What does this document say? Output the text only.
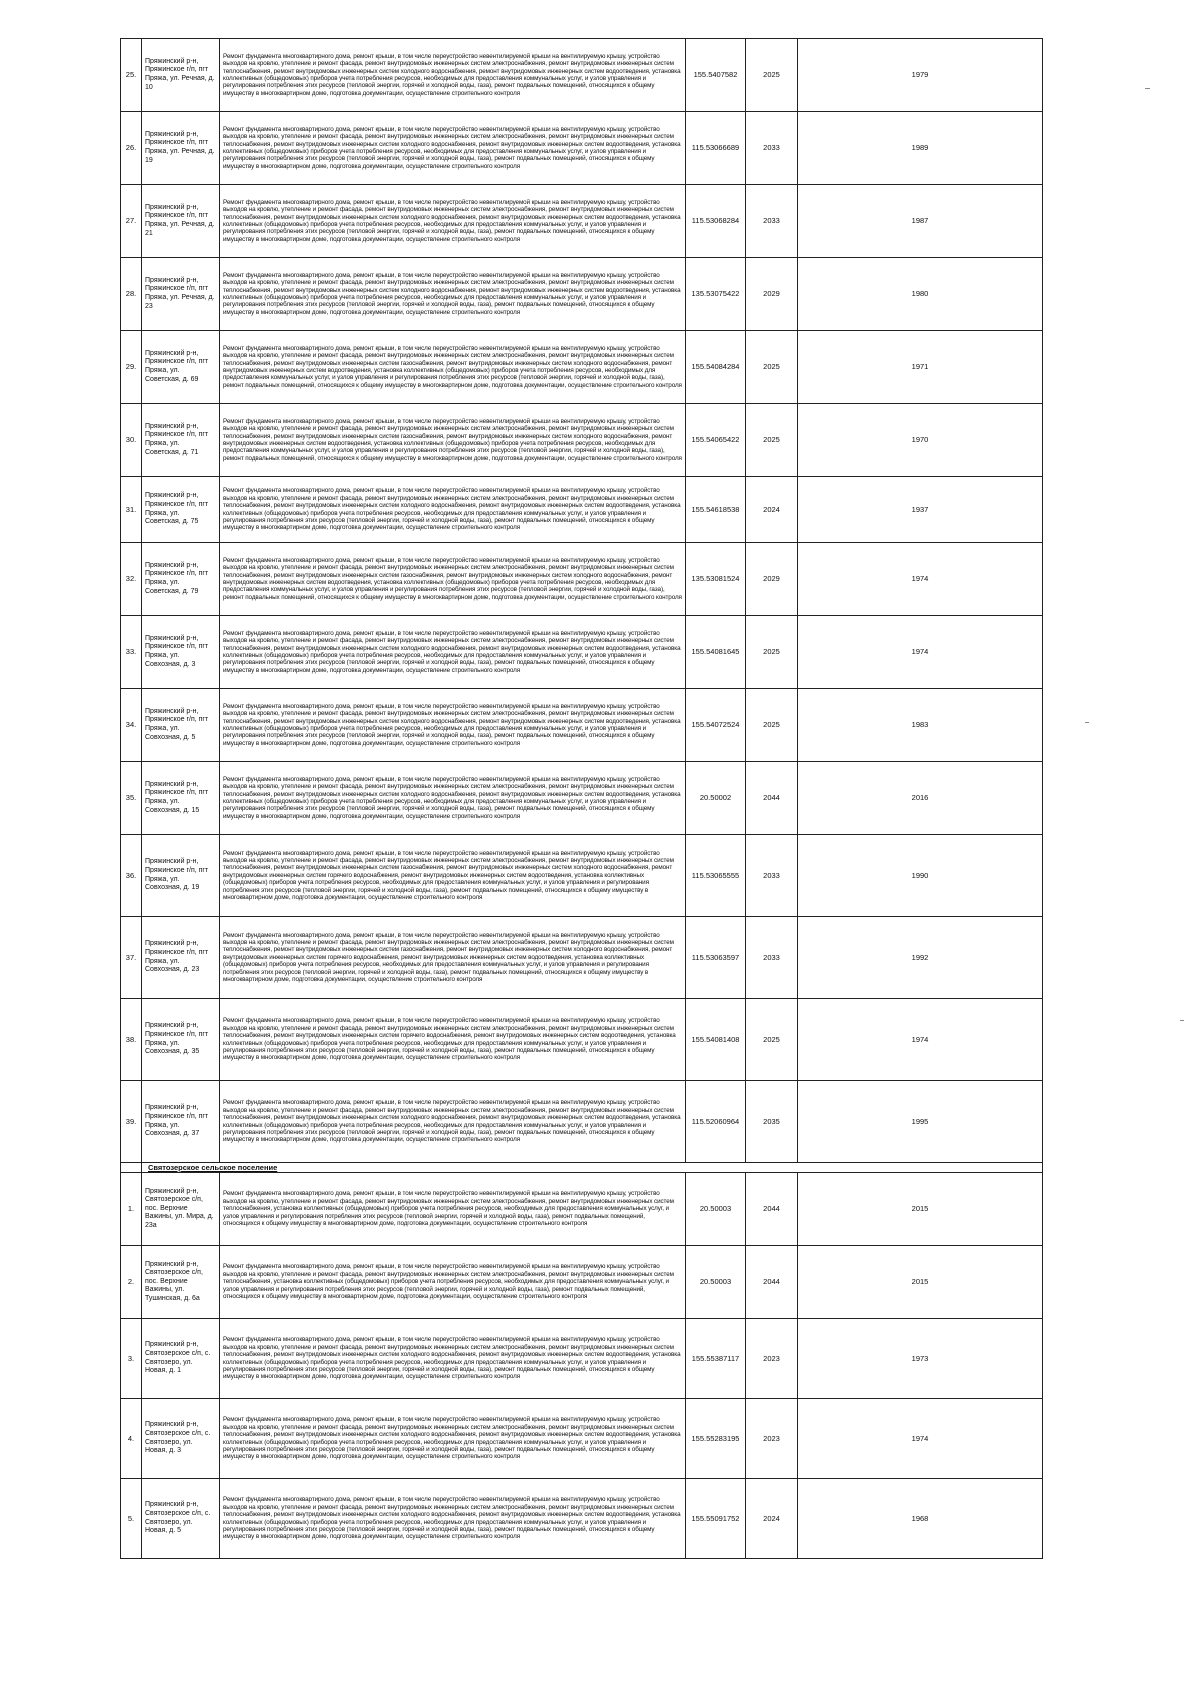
25.	Пряжинский р-н, Пряжинское г/п, пгт Пряжа, ул. Речная, д. 10	Ремонт фундамента многоквартирного дома, ремонт крыши, в том числе переустройство невентилируемой крыши на вентилируемую крышу, устройство выходов на кровлю, утепление и ремонт фасада, ремонт внутридомовых инженерных систем электроснабжения, ремонт внутридомовых инженерных систем теплоснабжения, ремонт внутридомовых инженерных систем холодного водоснабжения, ремонт внутридомовых инженерных систем водоотведения, установка коллективных (общедомовых) приборов учета потребления ресурсов, необходимых для предоставления коммунальных услуг, и узлов управления и регулирования потребления этих ресурсов (тепловой энергии, горячей и холодной воды, газа), ремонт подвальных помещений, относящихся к общему имуществу в многоквартирном доме, подготовка документации, осуществление строительного контроля	155.5407582	2025	1979
26.	Пряжинский р-н, Пряжинское г/п, пгт Пряжа, ул. Речная, д. 19	Ремонт фундамента многоквартирного дома, ремонт крыши, в том числе переустройство невентилируемой крыши на вентилируемую крышу, устройство выходов на кровлю, утепление и ремонт фасада, ремонт внутридомовых инженерных систем электроснабжения, ремонт внутридомовых инженерных систем теплоснабжения, ремонт внутридомовых инженерных систем холодного водоснабжения, ремонт внутридомовых инженерных систем водоотведения, установка коллективных (общедомовых) приборов учета потребления ресурсов, необходимых для предоставления коммунальных услуг, и узлов управления и регулирования потребления этих ресурсов (тепловой энергии, горячей и холодной воды, газа), ремонт подвальных помещений, относящихся к общему имуществу в многоквартирном доме, подготовка документации, осуществление строительного контроля	115.53066689	2033	1989
27.	Пряжинский р-н, Пряжинское г/п, пгт Пряжа, ул. Речная, д. 21	Ремонт фундамента многоквартирного дома, ремонт крыши, в том числе переустройство невентилируемой крыши на вентилируемую крышу, устройство выходов на кровлю, утепление и ремонт фасада, ремонт внутридомовых инженерных систем электроснабжения, ремонт внутридомовых инженерных систем теплоснабжения, ремонт внутридомовых инженерных систем холодного водоснабжения, ремонт внутридомовых инженерных систем водоотведения, установка коллективных (общедомовых) приборов учета потребления ресурсов, необходимых для предоставления коммунальных услуг, и узлов управления и регулирования потребления этих ресурсов (тепловой энергии, горячей и холодной воды, газа), ремонт подвальных помещений, относящихся к общему имуществу в многоквартирном доме, подготовка документации, осуществление строительного контроля	115.53068284	2033	1987
28.	Пряжинский р-н, Пряжинское г/п, пгт Пряжа, ул. Речная, д. 23	Ремонт фундамента многоквартирного дома, ремонт крыши, в том числе переустройство невентилируемой крыши на вентилируемую крышу, устройство выходов на кровлю, утепление и ремонт фасада, ремонт внутридомовых инженерных систем электроснабжения, ремонт внутридомовых инженерных систем теплоснабжения, ремонт внутридомовых инженерных систем холодного водоснабжения, ремонт внутридомовых инженерных систем водоотведения, установка коллективных (общедомовых) приборов учета потребления ресурсов, необходимых для предоставления коммунальных услуг, и узлов управления и регулирования потребления этих ресурсов (тепловой энергии, горячей и холодной воды, газа), ремонт подвальных помещений, относящихся к общему имуществу в многоквартирном доме, подготовка документации, осуществление строительного контроля	135.53075422	2029	1980
29.	Пряжинский р-н, Пряжинское г/п, пгт Пряжа, ул. Советская, д. 69	Ремонт фундамента многоквартирного дома, ремонт крыши, в том числе переустройство невентилируемой крыши на вентилируемую крышу, устройство выходов на кровлю, утепление и ремонт фасада, ремонт внутридомовых инженерных систем электроснабжения, ремонт внутридомовых инженерных систем теплоснабжения, ремонт внутридомовых инженерных систем газоснабжения, ремонт внутридомовых инженерных систем холодного водоснабжения, ремонт внутридомовых инженерных систем водоотведения, установка коллективных (общедомовых) приборов учета потребления ресурсов, необходимых для предоставления коммунальных услуг, и узлов управления и регулирования потребления этих ресурсов (тепловой энергии, горячей и холодной воды, газа), ремонт подвальных помещений, относящихся к общему имуществу в многоквартирном доме, подготовка документации, осуществление строительного контроля	155.54084284	2025	1971
30.	Пряжинский р-н, Пряжинское г/п, пгт Пряжа, ул. Советская, д. 71	Ремонт фундамента многоквартирного дома, ремонт крыши, в том числе переустройство невентилируемой крыши на вентилируемую крышу, устройство выходов на кровлю, утепление и ремонт фасада, ремонт внутридомовых инженерных систем электроснабжения, ремонт внутридомовых инженерных систем теплоснабжения, ремонт внутридомовых инженерных систем газоснабжения, ремонт внутридомовых инженерных систем холодного водоснабжения, ремонт внутридомовых инженерных систем водоотведения, установка коллективных (общедомовых) приборов учета потребления ресурсов, необходимых для предоставления коммунальных услуг, и узлов управления и регулирования потребления этих ресурсов (тепловой энергии, горячей и холодной воды, газа), ремонт подвальных помещений, относящихся к общему имуществу в многоквартирном доме, подготовка документации, осуществление строительного контроля	155.54065422	2025	1970
31.	Пряжинский р-н, Пряжинское г/п, пгт Пряжа, ул. Советская, д. 75	Ремонт фундамента многоквартирного дома, ремонт крыши, в том числе переустройство невентилируемой крыши на вентилируемую крышу, устройство выходов на кровлю, утепление и ремонт фасада, ремонт внутридомовых инженерных систем электроснабжения, ремонт внутридомовых инженерных систем теплоснабжения, ремонт внутридомовых инженерных систем холодного водоснабжения, ремонт внутридомовых инженерных систем водоотведения, установка коллективных (общедомовых) приборов учета потребления ресурсов, необходимых для предоставления коммунальных услуг, и узлов управления и регулирования потребления этих ресурсов (тепловой энергии, горячей и холодной воды, газа), ремонт подвальных помещений, относящихся к общему имуществу в многоквартирном доме, подготовка документации, осуществление строительного контроля	155.54618538	2024	1937
32.	Пряжинский р-н, Пряжинское г/п, пгт Пряжа, ул. Советская, д. 79	Ремонт фундамента многоквартирного дома, ремонт крыши, в том числе переустройство невентилируемой крыши на вентилируемую крышу, устройство выходов на кровлю, утепление и ремонт фасада, ремонт внутридомовых инженерных систем электроснабжения, ремонт внутридомовых инженерных систем теплоснабжения, ремонт внутридомовых инженерных систем газоснабжения, ремонт внутридомовых инженерных систем холодного водоснабжения, ремонт внутридомовых инженерных систем водоотведения, установка коллективных (общедомовых) приборов учета потребления ресурсов, необходимых для предоставления коммунальных услуг, и узлов управления и регулирования потребления этих ресурсов (тепловой энергии, горячей и холодной воды, газа), ремонт подвальных помещений, относящихся к общему имуществу в многоквартирном доме, подготовка документации, осуществление строительного контроля	135.53081524	2029	1974
33.	Пряжинский р-н, Пряжинское г/п, пгт Пряжа, ул. Совхозная, д. 3	Ремонт фундамента многоквартирного дома, ремонт крыши, в том числе переустройство невентилируемой крыши на вентилируемую крышу, устройство выходов на кровлю, утепление и ремонт фасада, ремонт внутридомовых инженерных систем электроснабжения, ремонт внутридомовых инженерных систем теплоснабжения, ремонт внутридомовых инженерных систем холодного водоснабжения, ремонт внутридомовых инженерных систем водоотведения, установка коллективных (общедомовых) приборов учета потребления ресурсов, необходимых для предоставления коммунальных услуг, и узлов управления и регулирования потребления этих ресурсов (тепловой энергии, горячей и холодной воды, газа), ремонт подвальных помещений, относящихся к общему имуществу в многоквартирном доме, подготовка документации, осуществление строительного контроля	155.54081645	2025	1974
34.	Пряжинский р-н, Пряжинское г/п, пгт Пряжа, ул. Совхозная, д. 5	Ремонт фундамента многоквартирного дома, ремонт крыши, в том числе переустройство невентилируемой крыши на вентилируемую крышу, устройство выходов на кровлю, утепление и ремонт фасада, ремонт внутридомовых инженерных систем электроснабжения, ремонт внутридомовых инженерных систем теплоснабжения, ремонт внутридомовых инженерных систем холодного водоснабжения, ремонт внутридомовых инженерных систем водоотведения, установка коллективных (общедомовых) приборов учета потребления ресурсов, необходимых для предоставления коммунальных услуг, и узлов управления и регулирования потребления этих ресурсов (тепловой энергии, горячей и холодной воды, газа), ремонт подвальных помещений, относящихся к общему имуществу в многоквартирном доме, подготовка документации, осуществление строительного контроля	155.54072524	2025	1983
35.	Пряжинский р-н, Пряжинское г/п, пгт Пряжа, ул. Совхозная, д. 15	Ремонт фундамента многоквартирного дома, ремонт крыши, в том числе переустройство невентилируемой крыши на вентилируемую крышу, устройство выходов на кровлю, утепление и ремонт фасада, ремонт внутридомовых инженерных систем электроснабжения, ремонт внутридомовых инженерных систем теплоснабжения, ремонт внутридомовых инженерных систем холодного водоснабжения, ремонт внутридомовых инженерных систем водоотведения, установка коллективных (общедомовых) приборов учета потребления ресурсов, необходимых для предоставления коммунальных услуг, и узлов управления и регулирования потребления этих ресурсов (тепловой энергии, горячей и холодной воды, газа), ремонт подвальных помещений, относящихся к общему имуществу в многоквартирном доме, подготовка документации, осуществление строительного контроля	20.50002	2044	2016
36.	Пряжинский р-н, Пряжинское г/п, пгт Пряжа, ул. Совхозная, д. 19	Ремонт фундамента многоквартирного дома, ремонт крыши, в том числе переустройство невентилируемой крыши на вентилируемую крышу, устройство выходов на кровлю, утепление и ремонт фасада, ремонт внутридомовых инженерных систем электроснабжения, ремонт внутридомовых инженерных систем теплоснабжения, ремонт внутридомовых инженерных систем газоснабжения, ремонт внутридомовых инженерных систем холодного водоснабжения, ремонт внутридомовых инженерных систем горячего водоснабжения, ремонт внутридомовых инженерных систем водоотведения, установка коллективных (общедомовых) приборов учета потребления ресурсов, необходимых для предоставления коммунальных услуг, и узлов управления и регулирования потребления этих ресурсов (тепловой энергии, горячей и холодной воды, газа), ремонт подвальных помещений, относящихся к общему имуществу в многоквартирном доме, подготовка документации, осуществление строительного контроля	115.53065555	2033	1990
37.	Пряжинский р-н, Пряжинское г/п, пгт Пряжа, ул. Совхозная, д. 23	Ремонт фундамента многоквартирного дома, ремонт крыши, в том числе переустройство невентилируемой крыши на вентилируемую крышу, устройство выходов на кровлю, утепление и ремонт фасада, ремонт внутридомовых инженерных систем электроснабжения, ремонт внутридомовых инженерных систем теплоснабжения, ремонт внутридомовых инженерных систем газоснабжения, ремонт внутридомовых инженерных систем холодного водоснабжения, ремонт внутридомовых инженерных систем горячего водоснабжения, ремонт внутридомовых инженерных систем водоотведения, установка коллективных (общедомовых) приборов учета потребления ресурсов, необходимых для предоставления коммунальных услуг, и узлов управления и регулирования потребления этих ресурсов (тепловой энергии, горячей и холодной воды, газа), ремонт подвальных помещений, относящихся к общему имуществу в многоквартирном доме, подготовка документации, осуществление строительного контроля	115.53063597	2033	1992
38.	Пряжинский р-н, Пряжинское г/п, пгт Пряжа, ул. Совхозная, д. 35	Ремонт фундамента многоквартирного дома, ремонт крыши, в том числе переустройство невентилируемой крыши на вентилируемую крышу, устройство выходов на кровлю, утепление и ремонт фасада, ремонт внутридомовых инженерных систем электроснабжения, ремонт внутридомовых инженерных систем теплоснабжения, ремонт внутридомовых инженерных систем горячего водоснабжения, ремонт внутридомовых инженерных систем водоотведения, установка коллективных (общедомовых) приборов учета потребления ресурсов, необходимых для предоставления коммунальных услуг, и узлов управления и регулирования потребления этих ресурсов (тепловой энергии, горячей и холодной воды, газа), ремонт подвальных помещений, относящихся к общему имуществу в многоквартирном доме, подготовка документации, осуществление строительного контроля	155.54081408	2025	1974
39.	Пряжинский р-н, Пряжинское г/п, пгт Пряжа, ул. Совхозная, д. 37	Ремонт фундамента многоквартирного дома, ремонт крыши, в том числе переустройство невентилируемой крыши на вентилируемую крышу, устройство выходов на кровлю, утепление и ремонт фасада, ремонт внутридомовых инженерных систем электроснабжения, ремонт внутридомовых инженерных систем теплоснабжения, ремонт внутридомовых инженерных систем холодного водоснабжения, ремонт внутридомовых инженерных систем водоотведения, установка коллективных (общедомовых) приборов учета потребления ресурсов, необходимых для предоставления коммунальных услуг, и узлов управления и регулирования потребления этих ресурсов (тепловой энергии, горячей и холодной воды, газа), ремонт подвальных помещений, относящихся к общему имуществу в многоквартирном доме, подготовка документации, осуществление строительного контроля	115.52060964	2035	1995
	Святозерское сельское поселение				
1.	Пряжинский р-н, Святозерское с/п, пос. Верхние Важины, ул. Мира, д. 23а	Ремонт фундамента многоквартирного дома, ремонт крыши, в том числе переустройство невентилируемой крыши на вентилируемую крышу, устройство выходов на кровлю, утепление и ремонт фасада, ремонт внутридомовых инженерных систем электроснабжения, ремонт внутридомовых инженерных систем теплоснабжения, установка коллективных (общедомовых) приборов учета потребления ресурсов, необходимых для предоставления коммунальных услуг, и узлов управления и регулирования потребления этих ресурсов (тепловой энергии, горячей и холодной воды, газа), ремонт подвальных помещений, относящихся к общему имуществу в многоквартирном доме, подготовка документации, осуществление строительного контроля	20.50003	2044	2015
2.	Пряжинский р-н, Святозерское с/п, пос. Верхние Важины, ул. Тушинская, д. 6а	Ремонт фундамента многоквартирного дома, ремонт крыши, в том числе переустройство невентилируемой крыши на вентилируемую крышу, устройство выходов на кровлю, утепление и ремонт фасада, ремонт внутридомовых инженерных систем электроснабжения, ремонт внутридомовых инженерных систем теплоснабжения, установка коллективных (общедомовых) приборов учета потребления ресурсов, необходимых для предоставления коммунальных услуг, и узлов управления и регулирования потребления этих ресурсов (тепловой энергии, горячей и холодной воды, газа), ремонт подвальных помещений, относящихся к общему имуществу в многоквартирном доме, подготовка документации, осуществление строительного контроля	20.50003	2044	2015
3.	Пряжинский р-н, Святозерское с/п, с. Святозеро, ул. Новая, д. 1	Ремонт фундамента многоквартирного дома, ремонт крыши, в том числе переустройство невентилируемой крыши на вентилируемую крышу, устройство выходов на кровлю, утепление и ремонт фасада, ремонт внутридомовых инженерных систем электроснабжения, ремонт внутридомовых инженерных систем теплоснабжения, ремонт внутридомовых инженерных систем холодного водоснабжения, ремонт внутридомовых инженерных систем водоотведения, установка коллективных (общедомовых) приборов учета потребления ресурсов, необходимых для предоставления коммунальных услуг, и узлов управления и регулирования потребления этих ресурсов (тепловой энергии, горячей и холодной воды, газа), ремонт подвальных помещений, относящихся к общему имуществу в многоквартирном доме, подготовка документации, осуществление строительного контроля	155.55387117	2023	1973
4.	Пряжинский р-н, Святозерское с/п, с. Святозеро, ул. Новая, д. 3	Ремонт фундамента многоквартирного дома, ремонт крыши, в том числе переустройство невентилируемой крыши на вентилируемую крышу, устройство выходов на кровлю, утепление и ремонт фасада, ремонт внутридомовых инженерных систем электроснабжения, ремонт внутридомовых инженерных систем теплоснабжения, ремонт внутридомовых инженерных систем холодного водоснабжения, ремонт внутридомовых инженерных систем водоотведения, установка коллективных (общедомовых) приборов учета потребления ресурсов, необходимых для предоставления коммунальных услуг, и узлов управления и регулирования потребления этих ресурсов (тепловой энергии, горячей и холодной воды, газа), ремонт подвальных помещений, относящихся к общему имуществу в многоквартирном доме, подготовка документации, осуществление строительного контроля	155.55283195	2023	1974
5.	Пряжинский р-н, Святозерское с/п, с. Святозеро, ул. Новая, д. 5	Ремонт фундамента многоквартирного дома, ремонт крыши, в том числе переустройство невентилируемой крыши на вентилируемую крышу, устройство выходов на кровлю, утепление и ремонт фасада, ремонт внутридомовых инженерных систем электроснабжения, ремонт внутридомовых инженерных систем теплоснабжения, ремонт внутридомовых инженерных систем холодного водоснабжения, ремонт внутридомовых инженерных систем водоотведения, установка коллективных (общедомовых) приборов учета потребления ресурсов, необходимых для предоставления коммунальных услуг, и узлов управления и регулирования потребления этих ресурсов (тепловой энергии, горячей и холодной воды, газа), ремонт подвальных помещений, относящихся к общему имуществу в многоквартирном доме, подготовка документации, осуществление строительного контроля	155.55091752	2024	1968
